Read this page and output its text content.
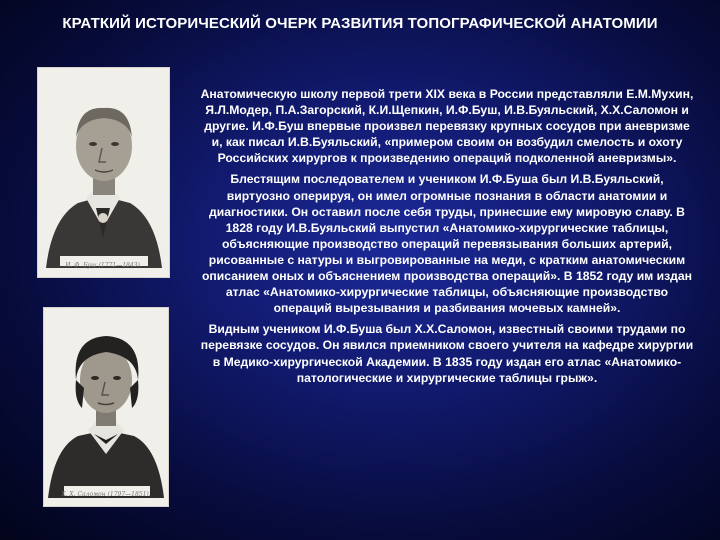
КРАТКИЙ ИСТОРИЧЕСКИЙ ОЧЕРК РАЗВИТИЯ ТОПОГРАФИЧЕСКОЙ АНАТОМИИ
И. Ф. Буш (1771—1843).
Х. Х. Саломон (1797—1851).

Анатомическую школу первой трети XIX века в России представляли Е.М.Мухин, Я.Л.Модер, П.А.Загорский, К.И.Щепкин, И.Ф.Буш, И.В.Буяльский, Х.Х.Саломон и другие. И.Ф.Буш впервые произвел перевязку крупных сосудов при аневризме и, как писал И.В.Буяльский, «примером своим он возбудил смелость и охоту Российских хирургов к произведению операций подколенной аневризмы».

Блестящим последователем и учеником И.Ф.Буша был И.В.Буяльский, виртуозно оперируя, он имел огромные познания в области анатомии и диагностики. Он оставил после себя труды, принесшие ему мировую славу. В 1828 году И.В.Буяльский выпустил «Анатомико-хирургические таблицы, объясняющие производство операций перевязывания больших артерий, рисованные с натуры и выгровированные на меди, с кратким анатомическим описанием оных и объяснением производства операций». В 1852 году им издан атлас «Анатомико-хирургические таблицы, объясняющие производство операций вырезывания и разбивания мочевых камней».

Видным учеником И.Ф.Буша был Х.Х.Саломон, известный своими трудами по перевязке сосудов. Он явился приемником своего учителя на кафедре хирургии в Медико-хирургической Академии. В 1835 году издан его атлас «Анатомико-патологические и хирургические таблицы грыж».
